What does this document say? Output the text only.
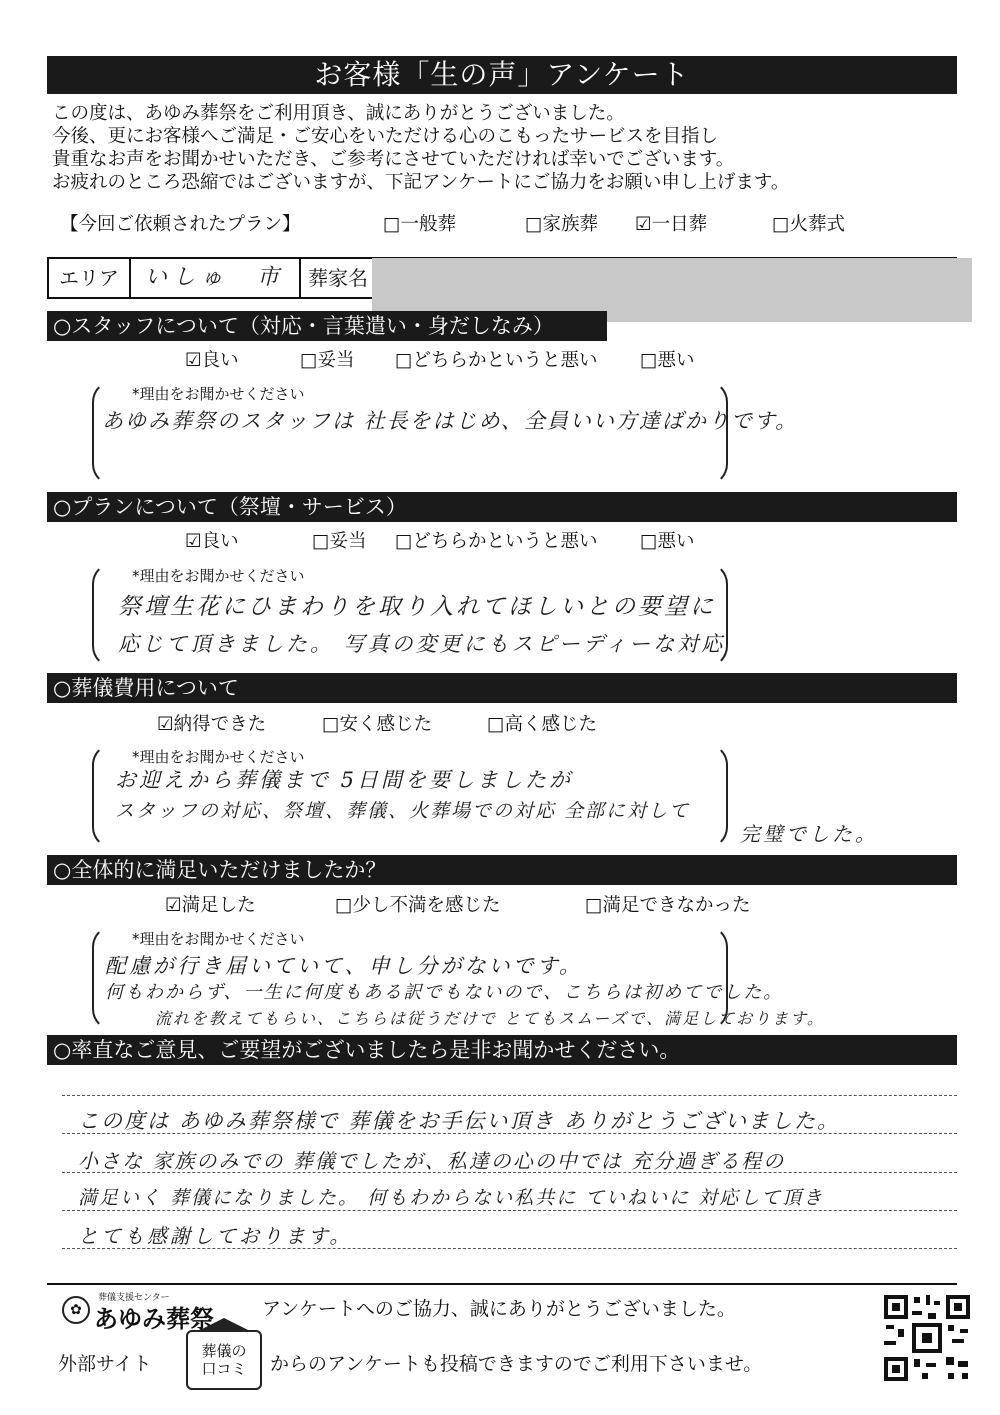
お客様「生の声」アンケート
この度は、あゆみ葬祭をご利用頂き、誠にありがとうございました。
今後、更にお客様へご満足・ご安心をいただける心のこもったサービスを目指し
貴重なお声をお聞かせいただき、ご参考にさせていただければ幸いでございます。
お疲れのところ恐縮ではございますが、下記アンケートにご協力をお願い申し上げます。
【今回ご依頼されたプラン】	□一般葬	□家族葬 ☑一日葬	□火葬式
エリア	いしゅ　市	葬家名
○スタッフについて（対応・言葉遣い・身だしなみ）
☑良い	□妥当 □どちらかというと悪い □悪い
*理由をお聞かせください
あゆみ葬祭のスタッフは 社長をはじめ、全員いい方達ばかりです。
○プランについて（祭壇・サービス）
☑良い	□妥当 □どちらかというと悪い □悪い
*理由をお聞かせください
祭壇生花にひまわりを取り入れてほしいとの要望に
応じて頂きました。 写真の変更にもスピーディーな対応
○葬儀費用について
☑納得できた	□安く感じた	□高く感じた
*理由をお聞かせください
お迎えから葬儀まで 5日間を要しましたが
スタッフの対応、祭壇、葬儀、火葬場での対応 全部に対して
完璧でした。
○全体的に満足いただけましたか？
☑満足した	□少し不満を感じた	□満足できなかった
*理由をお聞かせください
配慮が行き届いていて、申し分がないです。
何もわからず、一生に何度もある訳でもないので、こちらは初めてでした。
流れを教えてもらい、こちらは従うだけで とてもスムーズで、満足しております。
○率直なご意見、ご要望がございましたら是非お聞かせください。
この度は あゆみ葬祭様で 葬儀をお手伝い頂き ありがとうございました。
小さな 家族のみでの 葬儀でしたが、私達の心の中では 充分過ぎる程の
満足いく 葬儀になりました。 何もわからない私共に ていねいに 対応して頂き
とても感謝しております。
✿
葬儀支援センター
あゆみ葬祭	アンケートへのご協力、誠にありがとうございました。
外部サイト
葬儀の
口コミ	からのアンケートも投稿できますのでご利用下さいませ。
